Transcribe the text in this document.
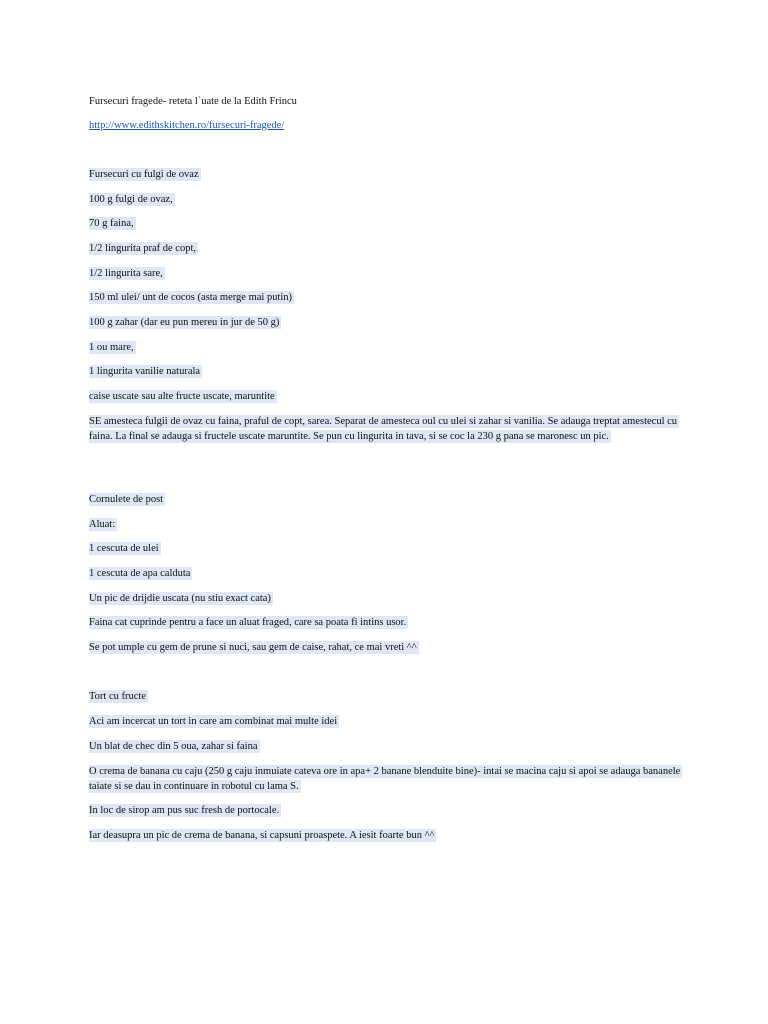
Fursecuri fragede- reteta l`uate de la Edith Frincu
http://www.edithskitchen.ro/fursecuri-fragede/
Fursecuri cu fulgi de ovaz
100 g fulgi de ovaz,
70 g faina,
1/2 lingurita praf de copt,
1/2 lingurita sare,
150 ml ulei/ unt de cocos (asta merge mai putin)
100 g zahar (dar eu pun mereu in jur de 50 g)
1 ou mare,
1 lingurita vanilie naturala
caise uscate sau alte fructe uscate, maruntite
SE amesteca fulgii de ovaz cu faina, praful de copt, sarea. Separat de amesteca oul cu ulei si zahar si vanilia. Se adauga treptat amestecul cu faina. La final se adauga si fructele uscate maruntite. Se pun cu lingurita in tava, si se coc la 230 g pana se maronesc un pic.
Cornulete de post
Aluat:
1 cescuta de ulei
1 cescuta de apa calduta
Un pic de drijdie uscata (nu stiu exact cata)
Faina cat cuprinde pentru a face un aluat fraged, care sa poata fi intins usor.
Se pot umple cu gem de prune si nuci, sau gem de caise, rahat, ce mai vreti ^^
Tort cu fructe
Aci am incercat un tort in care am combinat mai multe idei
Un blat de chec din 5 oua, zahar si faina
O crema de banana cu caju (250 g caju inmuiate cateva ore in apa+ 2 banane blenduite bine)- intai se macina caju si apoi se adauga bananele taiate si se dau in continuare in robotul cu lama S.
In loc de sirop am pus suc fresh de portocale.
Iar deasupra un pic de crema de banana, si capsuni proaspete. A iesit foarte bun ^^
